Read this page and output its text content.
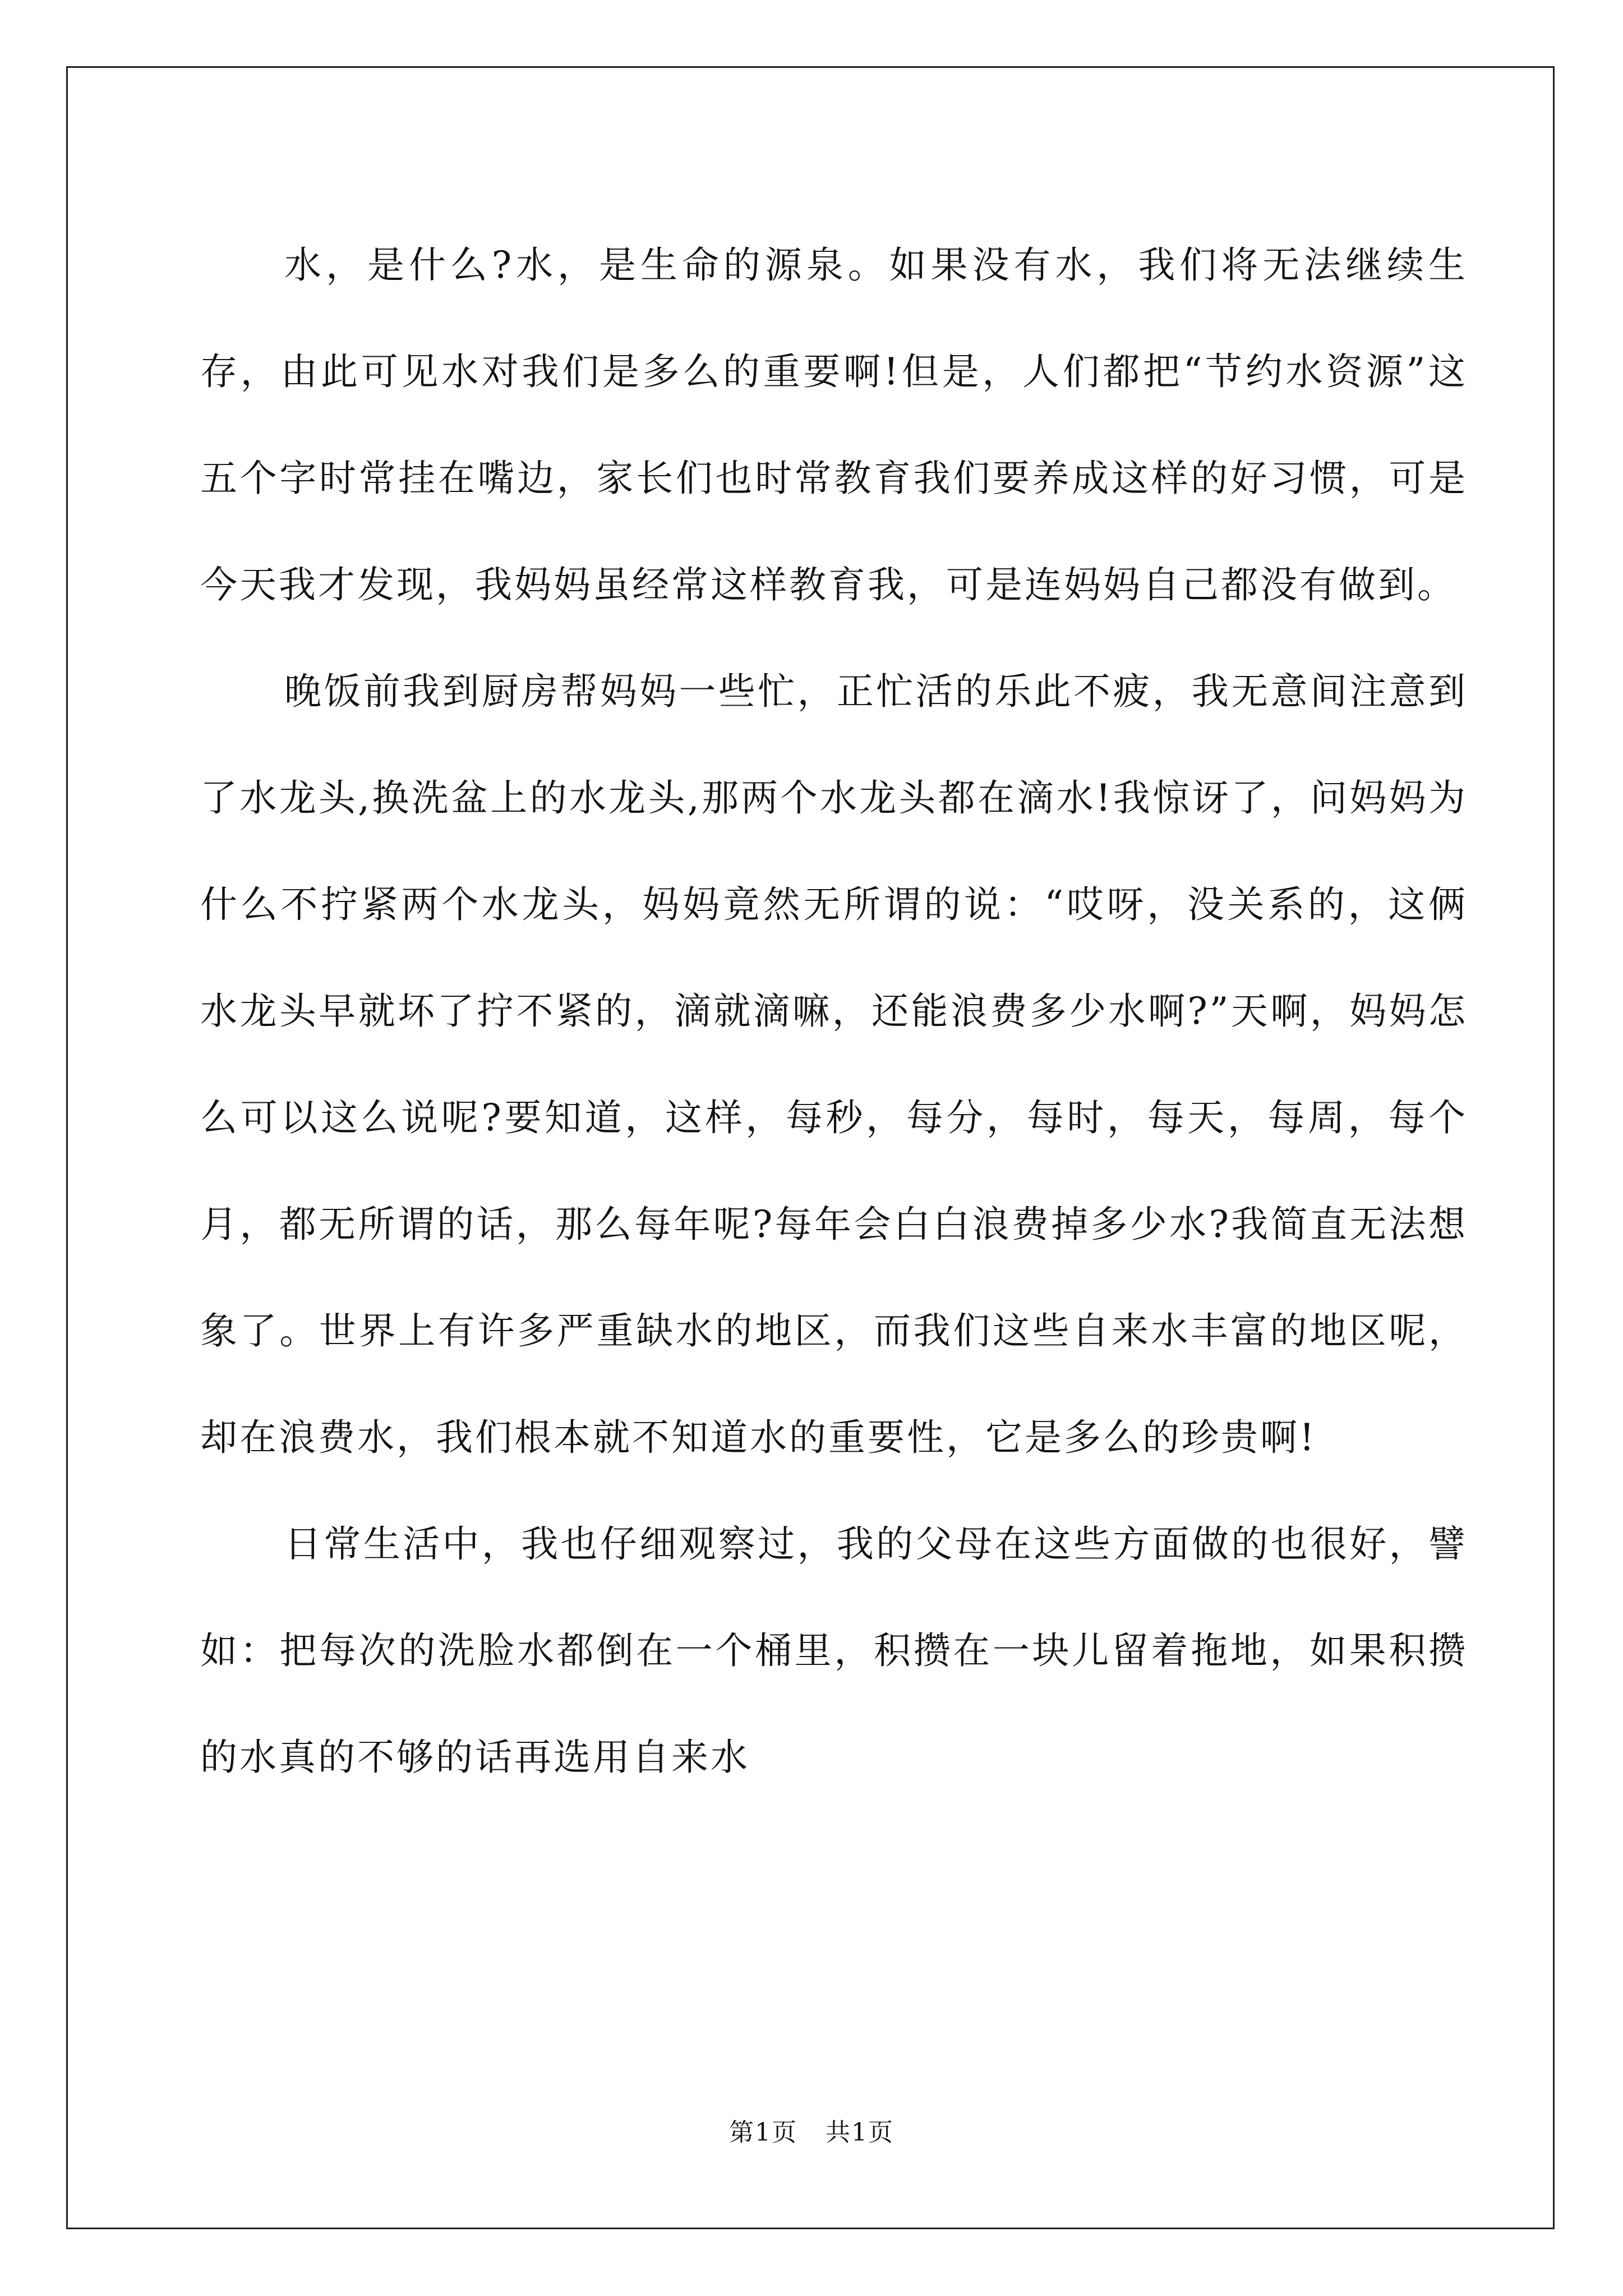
水，是什么?水，是生命的源泉。如果没有水，我们将无法继续生存，由此可见水对我们是多么的重要啊!但是，人们都把“节约水资源”这五个字时常挂在嘴边，家长们也时常教育我们要养成这样的好习惯，可是今天我才发现，我妈妈虽经常这样教育我，可是连妈妈自己都没有做到。

晚饭前我到厨房帮妈妈一些忙，正忙活的乐此不疲，我无意间注意到了水龙头,换洗盆上的水龙头,那两个水龙头都在滴水!我惊讶了，问妈妈为什么不拧紧两个水龙头，妈妈竟然无所谓的说：“哎呀，没关系的，这俩水龙头早就坏了拧不紧的，滴就滴嘛，还能浪费多少水啊?”天啊，妈妈怎么可以这么说呢?要知道，这样，每秒，每分，每时，每天，每周，每个月，都无所谓的话，那么每年呢?每年会白白浪费掉多少水?我简直无法想象了。世界上有许多严重缺水的地区，而我们这些自来水丰富的地区呢，却在浪费水，我们根本就不知道水的重要性，它是多么的珍贵啊!

日常生活中，我也仔细观察过，我的父母在这些方面做的也很好，譬如：把每次的洗脸水都倒在一个桶里，积攒在一块儿留着拖地，如果积攒的水真的不够的话再选用自来水

第1页 共1页
